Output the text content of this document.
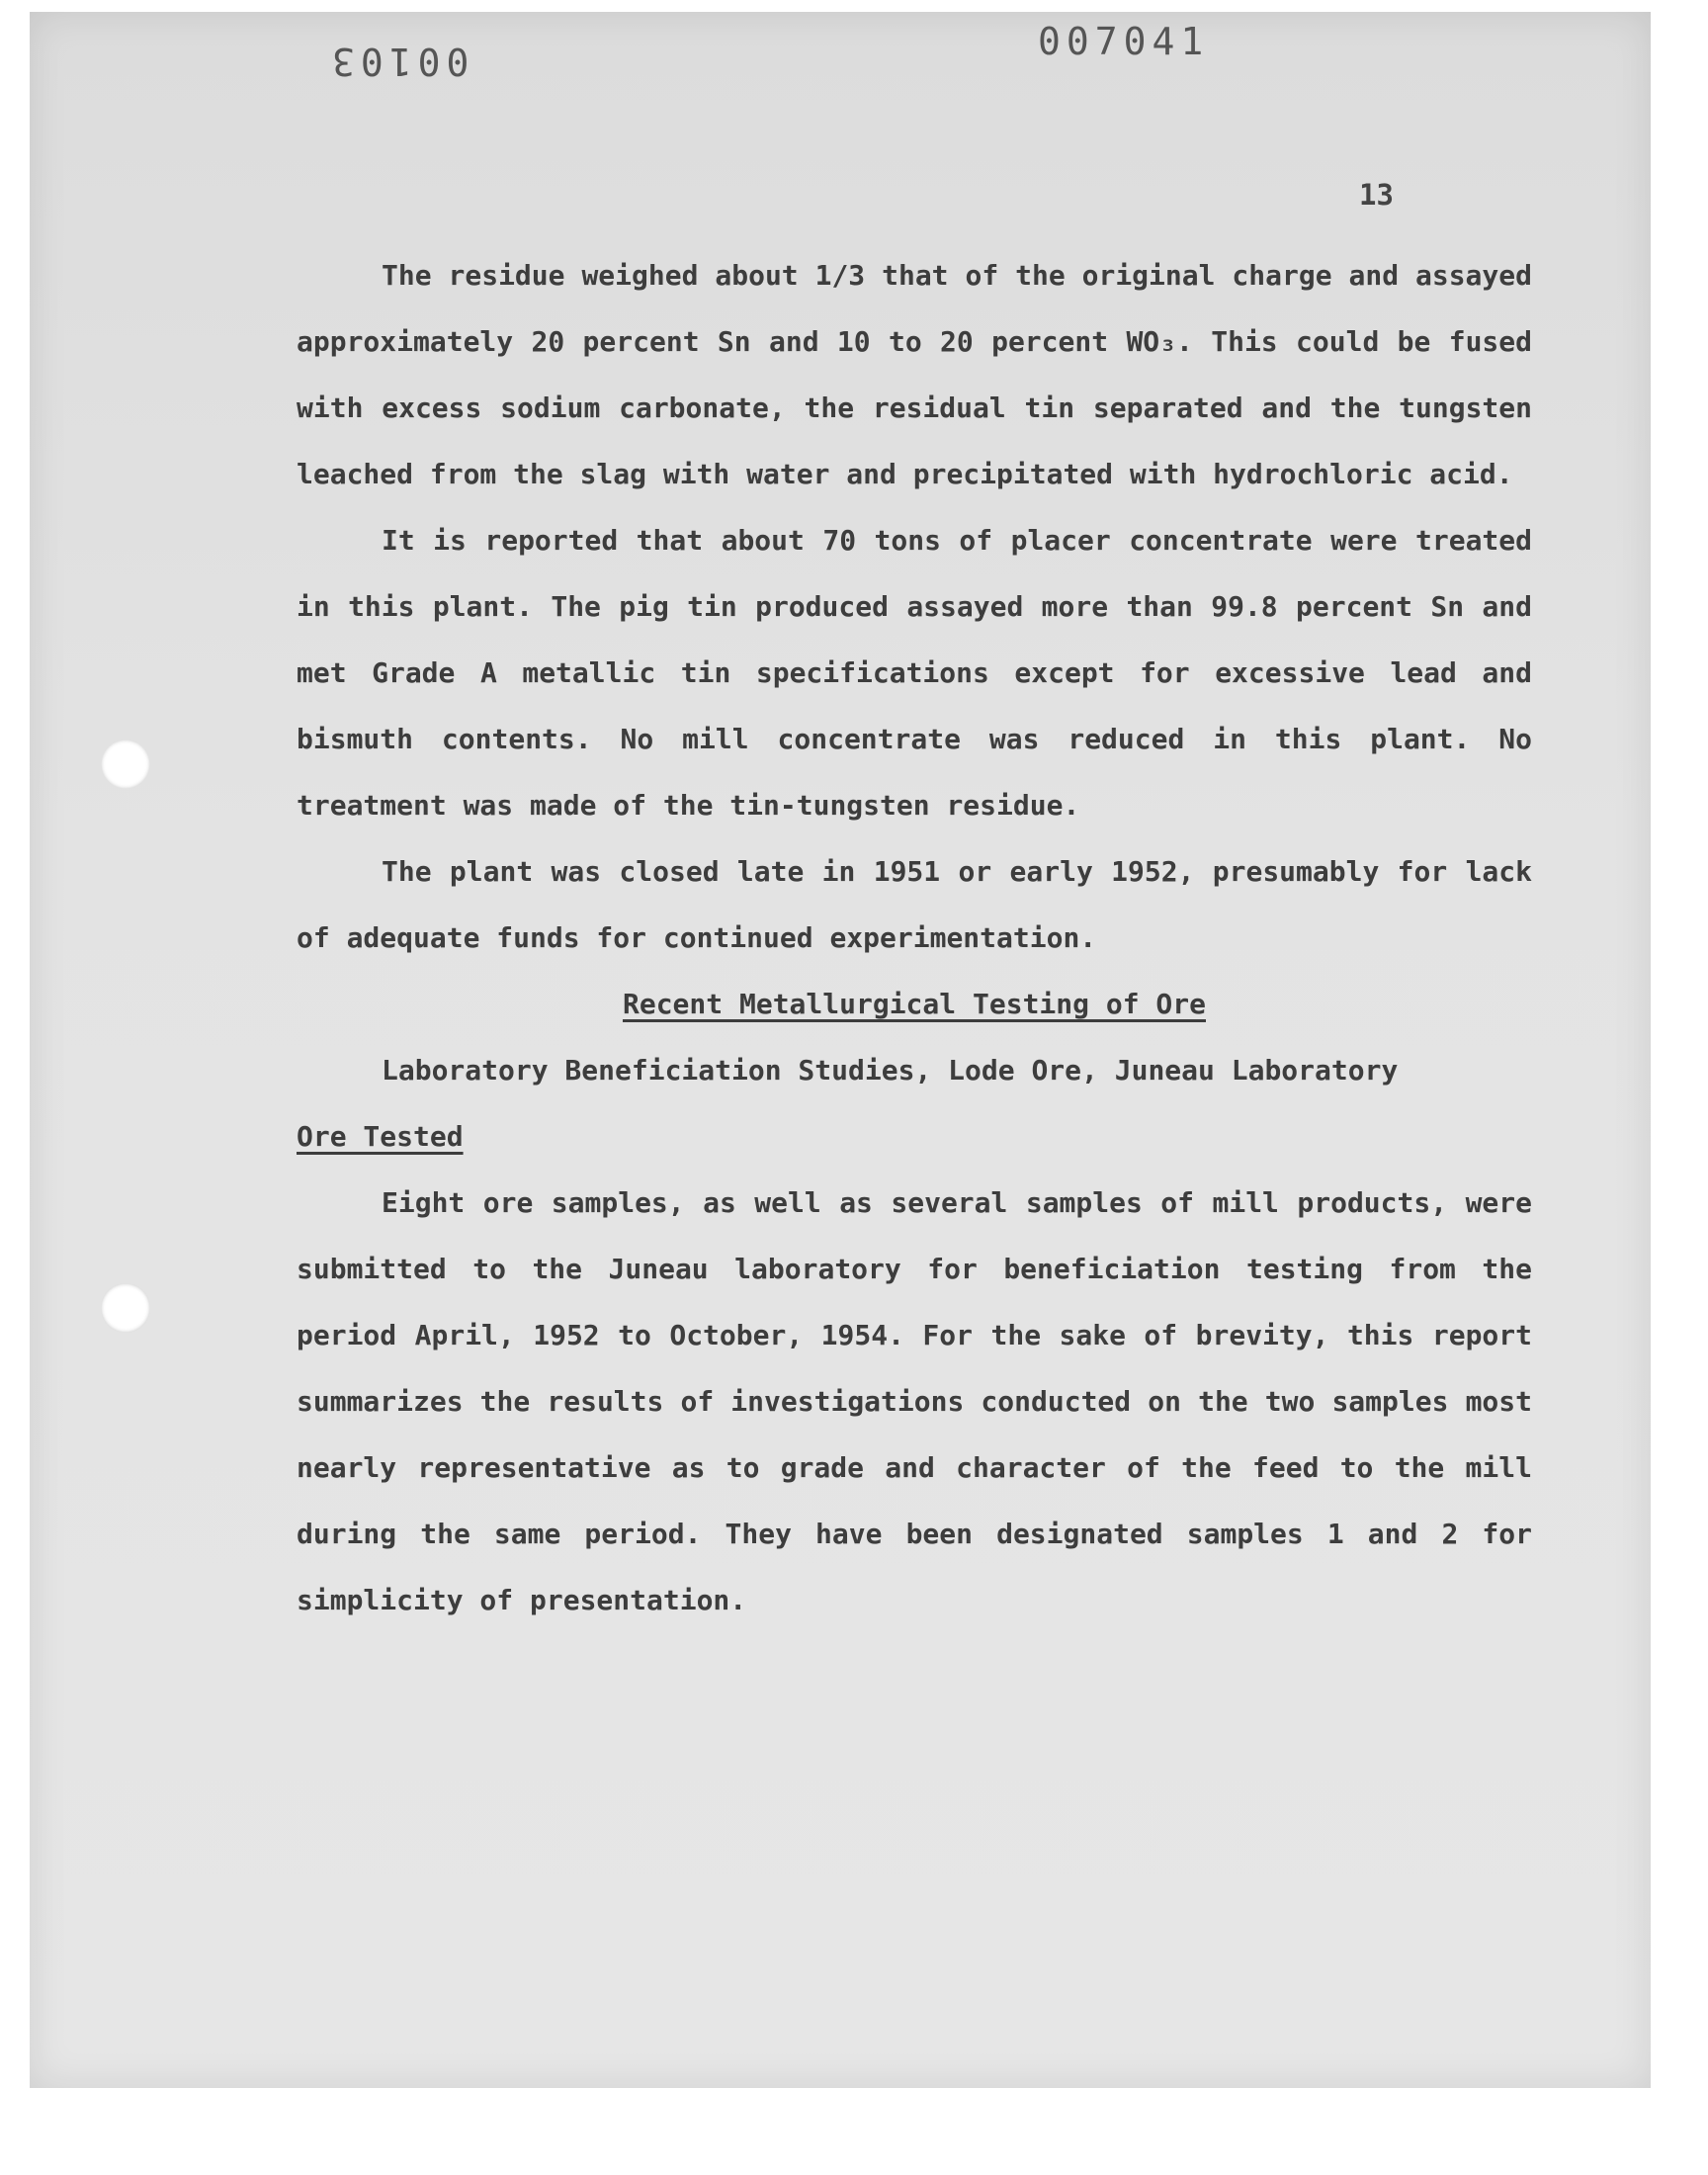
00103	007041
13

The residue weighed about 1/3 that of the original charge and assayed approximately 20 percent Sn and 10 to 20 percent WO₃. This could be fused with excess sodium carbonate, the residual tin separated and the tungsten leached from the slag with water and precipitated with hydrochloric acid.

It is reported that about 70 tons of placer concentrate were treated in this plant. The pig tin produced assayed more than 99.8 percent Sn and met Grade A metallic tin specifications except for excessive lead and bismuth contents. No mill concentrate was reduced in this plant. No treatment was made of the tin-tungsten residue.

The plant was closed late in 1951 or early 1952, presumably for lack of adequate funds for continued experimentation.

Recent Metallurgical Testing of Ore

Laboratory Beneficiation Studies, Lode Ore, Juneau Laboratory

Ore Tested

Eight ore samples, as well as several samples of mill products, were submitted to the Juneau laboratory for beneficiation testing from the period April, 1952 to October, 1954. For the sake of brevity, this report summarizes the results of investigations conducted on the two samples most nearly representative as to grade and character of the feed to the mill during the same period. They have been designated samples 1 and 2 for simplicity of presentation.
